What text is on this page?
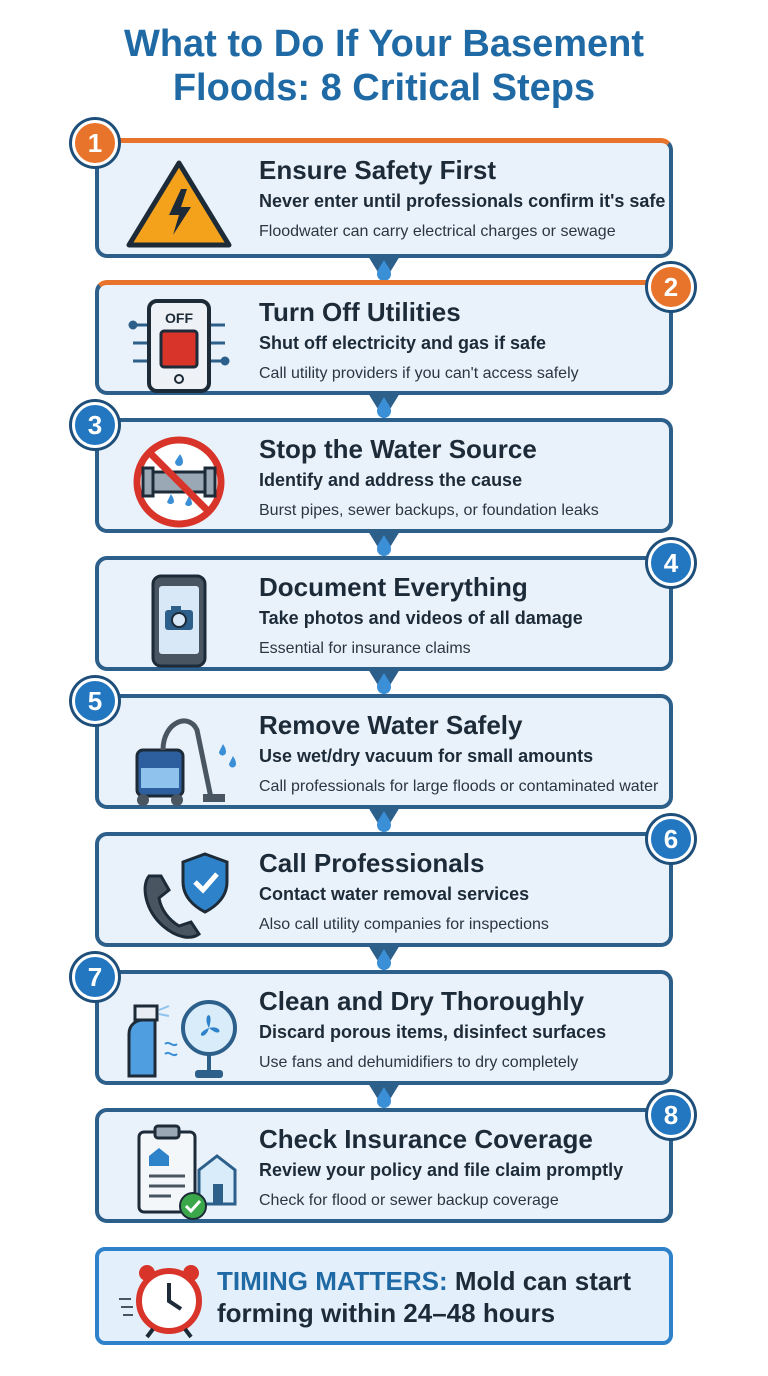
What to Do If Your Basement
Floods: 8 Critical Steps
Ensure Safety First
Never enter until professionals confirm it's safe
Floodwater can carry electrical charges or sewage
1
OFF	Turn Off Utilities
Shut off electricity and gas if safe
Call utility providers if you can't access safely
2
Stop the Water Source
Identify and address the cause
Burst pipes, sewer backups, or foundation leaks
3
Document Everything
Take photos and videos of all damage
Essential for insurance claims
4
Remove Water Safely
Use wet/dry vacuum for small amounts
Call professionals for large floods or contaminated water
5
Call Professionals
Contact water removal services
Also call utility companies for inspections
6
Clean and Dry Thoroughly
Discard porous items, disinfect surfaces
Use fans and dehumidifiers to dry completely
7
Check Insurance Coverage
Review your policy and file claim promptly
Check for flood or sewer backup coverage
8
TIMING MATTERS: Mold can start forming within 24–48 hours
